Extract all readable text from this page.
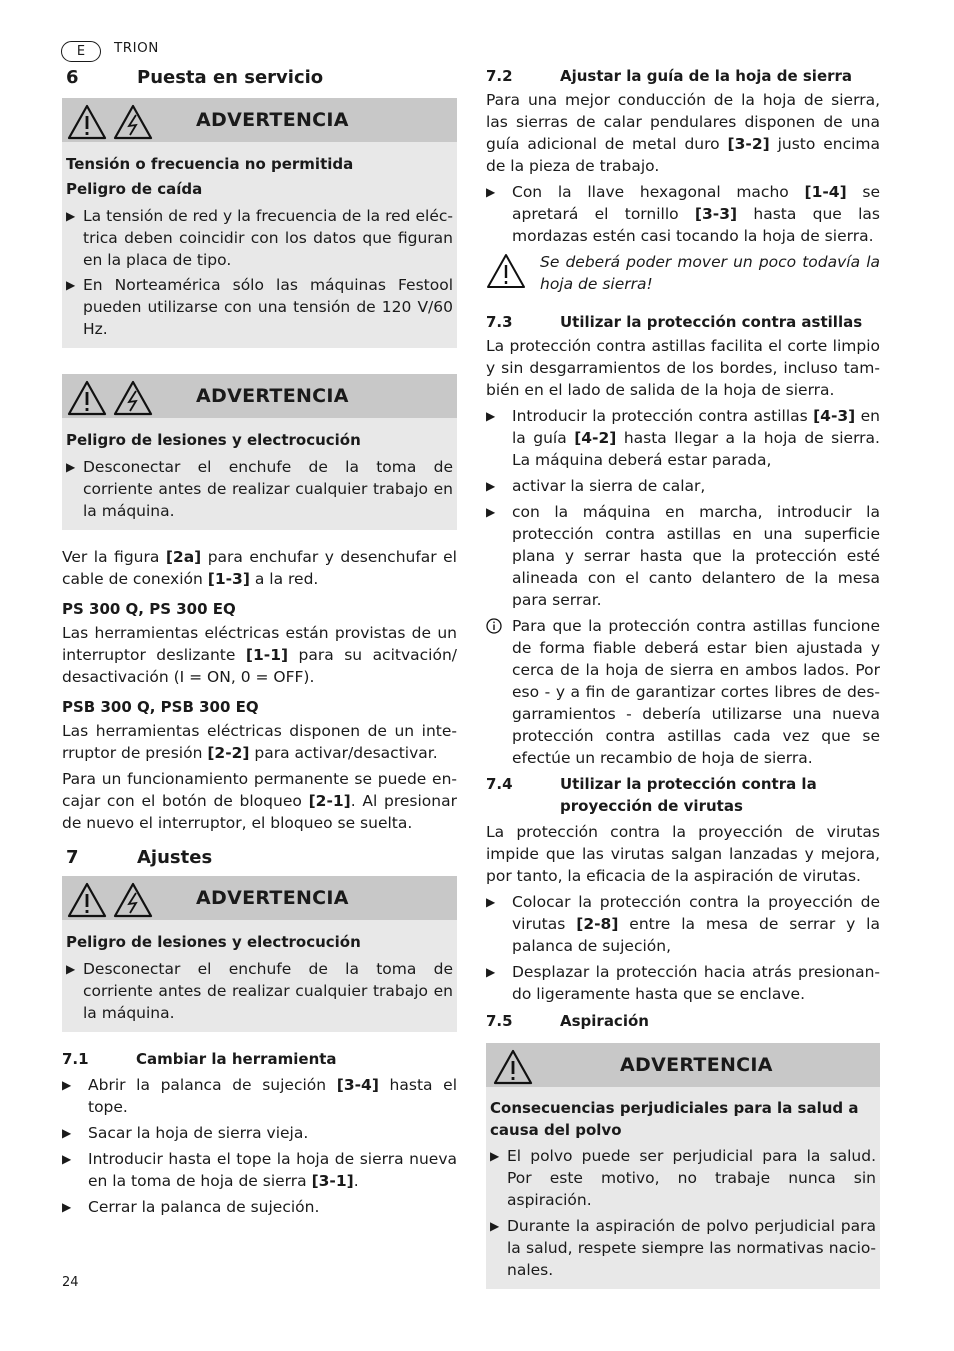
E	TRION
6	Puesta en servicio
ADVERTENCIA
Tensión o frecuencia no permitida
Peligro de caída
▶ La tensión de red y la frecuencia de la red eléctrica deben coincidir con los datos que figuran en la placa de tipo.
▶ En Norteamérica sólo las máquinas Festool pueden utilizarse con una tensión de 120 V/60 Hz.
ADVERTENCIA
Peligro de lesiones y electrocución
▶ Desconectar el enchufe de la toma de corriente antes de realizar cualquier trabajo en la máquina.

Ver la figura [2a] para enchufar y desenchufar el cable de conexión [1-3] a la red.

PS 300 Q, PS 300 EQ

Las herramientas eléctricas están provistas de un interruptor deslizante [1-1] para su acitvación/ desactivación (I = ON, 0 = OFF).

PSB 300 Q, PSB 300 EQ

Las herramientas eléctricas disponen de un interruptor de presión [2-2] para activar/desactivar.

Para un funcionamiento permanente se puede encajar con el botón de bloqueo [2-1]. Al presionar de nuevo el interruptor, el bloqueo se suelta.

7	Ajustes
ADVERTENCIA
Peligro de lesiones y electrocución
▶ Desconectar el enchufe de la toma de corriente antes de realizar cualquier trabajo en la máquina.
7.1	Cambiar la herramienta
▶	Abrir la palanca de sujeción [3-4] hasta el tope.
▶	Sacar la hoja de sierra vieja.
▶	Introducir hasta el tope la hoja de sierra nueva en la toma de hoja de sierra [3-1].
▶	Cerrar la palanca de sujeción.
7.2	Ajustar la guía de la hoja de sierra

Para una mejor conducción de la hoja de sierra, las sierras de calar pendulares disponen de una guía adicional de metal duro [3-2] justo encima de la pieza de trabajo.

▶	Con la llave hexagonal macho [1-4] se apretará el tornillo [3-3] hasta que las mordazas estén casi tocando la hoja de sierra.
Se deberá poder mover un poco todavía la hoja de sierra!
7.3	Utilizar la protección contra astillas

La protección contra astillas facilita el corte limpio y sin desgarramientos de los bordes, incluso también en el lado de salida de la hoja de sierra.

▶	Introducir la protección contra astillas [4-3] en la guía [4-2] hasta llegar a la hoja de sierra. La máquina deberá estar parada,
▶	activar la sierra de calar,
▶	con la máquina en marcha, introducir la protección contra astillas en una superficie plana y serrar hasta que la protección esté alineada con el canto delantero de la mesa para serrar.
Para que la protección contra astillas funcione de forma fiable deberá estar bien ajustada y cerca de la hoja de sierra en ambos lados. Por eso - y a fin de garantizar cortes libres de desgarramientos - debería utilizarse una nueva protección contra astillas cada vez que se efectúe un recambio de hoja de sierra.
7.4	Utilizar la protección contra la proyección de virutas

La protección contra la proyección de virutas impide que las virutas salgan lanzadas y mejora, por tanto, la eficacia de la aspiración de virutas.

▶	Colocar la protección contra la proyección de virutas [2-8] entre la mesa de serrar y la palanca de sujeción,
▶	Desplazar la protección hacia atrás presionando ligeramente hasta que se enclave.
7.5	Aspiración
ADVERTENCIA
Consecuencias perjudiciales para la salud a causa del polvo
▶ El polvo puede ser perjudicial para la salud. Por este motivo, no trabaje nunca sin aspiración.
▶ Durante la aspiración de polvo perjudicial para la salud, respete siempre las normativas nacionales.
24
